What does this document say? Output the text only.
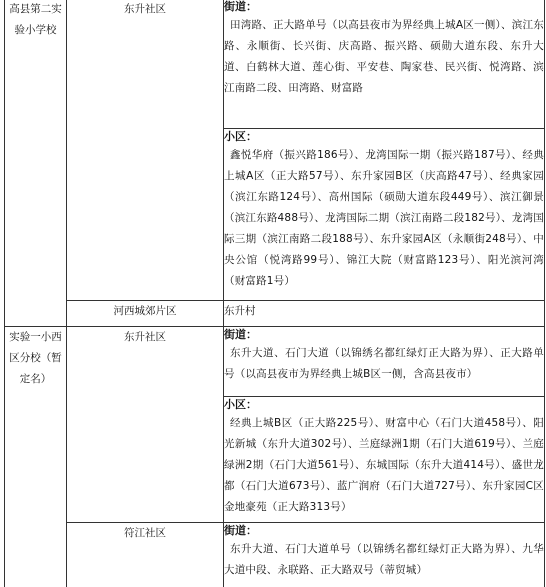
高县第二实验小学校	东升社区	街道：
田湾路、正大路单号（以高县夜市为界经典上城A区一侧）、滨江东路、永顺街、长兴街、庆高路、振兴路、硕勋大道东段、东升大道、白鹤林大道、莲心街、平安巷、陶家巷、民兴街、悦湾路、滨江南路二段、田湾路、财富路

		小区：
鑫悦华府（振兴路186号）、龙湾国际一期（振兴路187号）、经典上城A区（正大路57号）、东升家园B区（庆高路47号）、经典家园（滨江东路124号）、高州国际（硕勋大道东段449号）、滨江御景（滨江东路488号）、龙湾国际二期（滨江南路二段182号）、龙湾国际三期（滨江南路二段188号）、东升家园A区（永顺街248号）、中央公馆（悦湾路99号）、锦江大院（财富路123号）、阳光滨河湾（财富路1号）

	河西城郊片区	东升村
实验一小西区分校（暂定名）	东升社区	街道：
东升大道、石门大道（以锦绣名都红绿灯正大路为界）、正大路单号（以高县夜市为界经典上城B区一侧，含高县夜市）

		小区：
经典上城B区（正大路225号）、财富中心（石门大道458号）、阳光新城（东升大道302号）、兰庭绿洲1期（石门大道619号）、兰庭绿洲2期（石门大道561号）、东城国际（东升大道414号）、盛世龙都（石门大道673号）、蓝广润府（石门大道727号）、东升家园C区金地豪苑（正大路313号）

	符江社区	街道：
东升大道、石门大道单号（以锦绣名都红绿灯正大路为界）、九华大道中段、永联路、正大路双号（蒂贸城）
